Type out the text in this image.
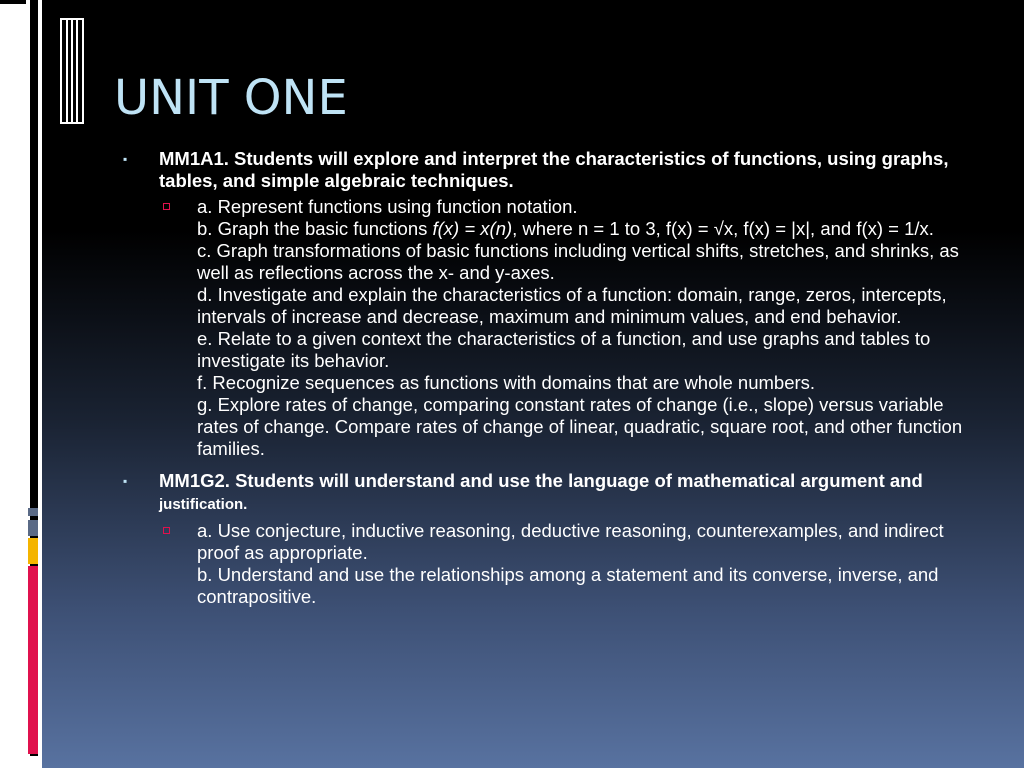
UNIT ONE
▪ MM1A1. Students will explore and interpret the characteristics of functions, using graphs, tables, and simple algebraic techniques.
a. Represent functions using function notation.
b. Graph the basic functions f(x) = x(n), where n = 1 to 3, f(x) = √x, f(x) = |x|, and f(x) = 1/x.
c. Graph transformations of basic functions including vertical shifts, stretches, and shrinks, as well as reflections across the x- and y-axes.
d. Investigate and explain the characteristics of a function: domain, range, zeros, intercepts, intervals of increase and decrease, maximum and minimum values, and end behavior.
e. Relate to a given context the characteristics of a function, and use graphs and tables to investigate its behavior.
f. Recognize sequences as functions with domains that are whole numbers.
g. Explore rates of change, comparing constant rates of change (i.e., slope) versus variable rates of change. Compare rates of change of linear, quadratic, square root, and other function families.
▪ MM1G2. Students will understand and use the language of mathematical argument and justification.
a. Use conjecture, inductive reasoning, deductive reasoning, counterexamples, and indirect proof as appropriate.
b. Understand and use the relationships among a statement and its converse, inverse, and contrapositive.
